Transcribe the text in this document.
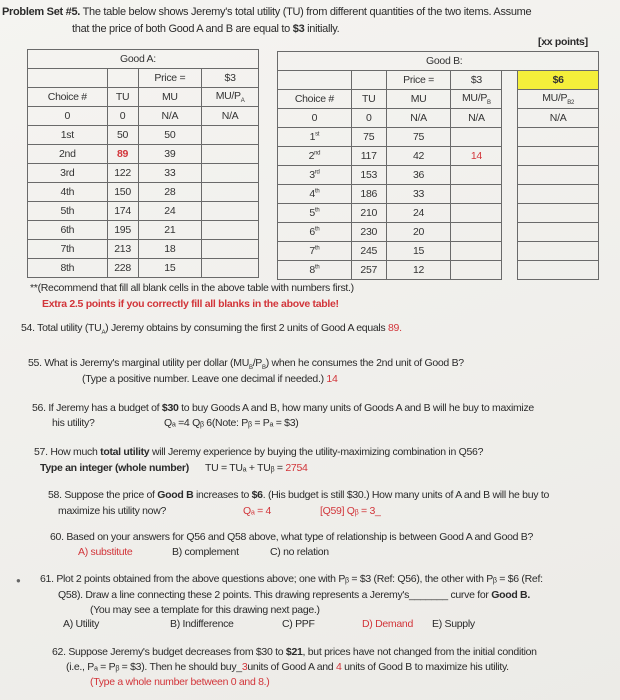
Problem Set #5. The table below shows Jeremy's total utility (TU) from different quantities of the two items. Assume
that the price of both Good A and B are equal to $3 initially.
[xx points]
Good A:			
		Price =	$3
Choice #	TU	MU	$MU/P_A$
0	0	N/A	N/A
1st	50	50	
2nd	89	39	
3rd	122	33	
4th	150	28	
5th	174	24	
6th	195	21	
7th	213	18	
8th	228	15	
Good B:					
		Price =	$3		$6
Choice #	TU	MU	$MU/P_B$		$MU/P_{B2}$
0	0	N/A	N/A		N/A
1st	75	75			
2nd	117	42	14		
3rd	153	36			
4th	186	33			
5th	210	24			
6th	230	20			
7th	245	15			
8th	257	12			
**(Recommend that fill all blank cells in the above table with numbers first.)
Extra 2.5 points if you correctly fill all blanks in the above table!
54. Total utility $(TU_A)$ Jeremy obtains by consuming the first 2 units of Good A equals 89.
55. What is Jeremy's marginal utility per dollar $(MU_B/P_B)$ when he consumes the 2nd unit of Good B?
(Type a positive number. Leave one decimal if needed.) 14
56. If Jeremy has a budget of $30 to buy Goods A and B, how many units of Goods A and B will he buy to maximize
his utility?	Qₐ =4 Qᵦ 6(Note: Pᵦ = Pₐ = $3)
57. How much total utility will Jeremy experience by buying the utility-maximizing combination in Q56?
Type an integer (whole number) TU = TUₐ + TUᵦ = 2754
58. Suppose the price of Good B increases to $6. (His budget is still $30.) How many units of A and B will he buy to
maximize his utility now?	Qₐ = 4	[Q59] Qᵦ = 3_
60. Based on your answers for Q56 and Q58 above, what type of relationship is between Good A and Good B?
A) substitute	B) complement	C) no relation
● 61. Plot 2 points obtained from the above questions above; one with Pᵦ = $3 (Ref: Q56), the other with Pᵦ = $6 (Ref:
Q58). Draw a line connecting these 2 points. This drawing represents a Jeremy's_______ curve for Good B.
(You may see a template for this drawing next page.)
A) Utility	B) Indifference	C) PPF	D) Demand E) Supply
62. Suppose Jeremy's budget decreases from $30 to $21, but prices have not changed from the initial condition
(i.e., Pₐ = Pᵦ = $3). Then he should buy_3units of Good A and 4 units of Good B to maximize his utility.
(Type a whole number between 0 and 8.)
